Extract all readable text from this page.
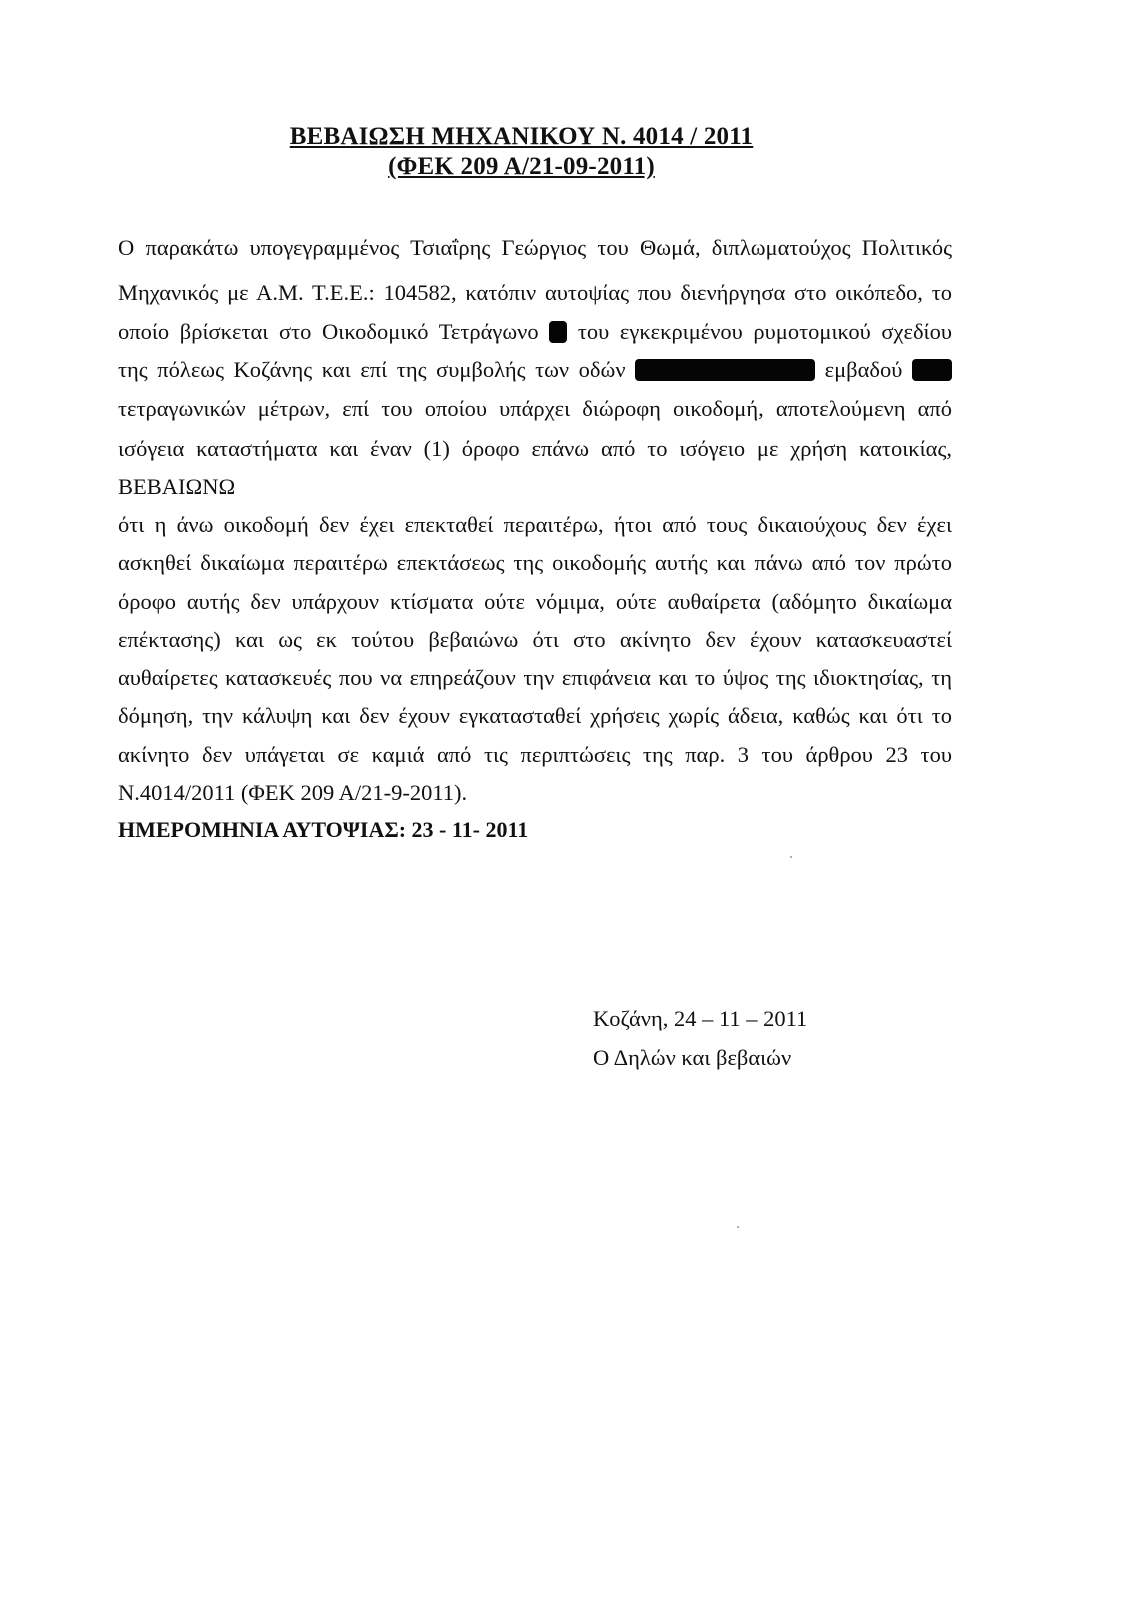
ΒΕΒΑΙΩΣΗ ΜΗΧΑΝΙΚΟΥ Ν. 4014 / 2011
(ΦΕΚ 209 Α/21-09-2011)
Ο παρακάτω υπογεγραμμένος Τσιαΐρης Γεώργιος του Θωμά, διπλωματούχος Πολιτικός
Μηχανικός με Α.Μ. Τ.Ε.Ε.: 104582, κατόπιν αυτοψίας που διενήργησα στο οικόπεδο, το
οποίο βρίσκεται στο Οικοδομικό Τετράγωνο του εγκεκριμένου ρυμοτομικού σχεδίου
της πόλεως Κοζάνης και επί της συμβολής των οδών	εμβαδού
τετραγωνικών μέτρων, επί του οποίου υπάρχει διώροφη οικοδομή, αποτελούμενη από
ισόγεια καταστήματα και έναν (1) όροφο επάνω από το ισόγειο με χρήση κατοικίας,
ΒΕΒΑΙΩΝΩ
ότι η άνω οικοδομή δεν έχει επεκταθεί περαιτέρω, ήτοι από τους δικαιούχους δεν έχει
ασκηθεί δικαίωμα περαιτέρω επεκτάσεως της οικοδομής αυτής και πάνω από τον πρώτο
όροφο αυτής δεν υπάρχουν κτίσματα ούτε νόμιμα, ούτε αυθαίρετα (αδόμητο δικαίωμα
επέκτασης) και ως εκ τούτου βεβαιώνω ότι στο ακίνητο δεν έχουν κατασκευαστεί
αυθαίρετες κατασκευές που να επηρεάζουν την επιφάνεια και το ύψος της ιδιοκτησίας, τη
δόμηση, την κάλυψη και δεν έχουν εγκατασταθεί χρήσεις χωρίς άδεια, καθώς και ότι το
ακίνητο δεν υπάγεται σε καμιά από τις περιπτώσεις της παρ. 3 του άρθρου 23 του
Ν.4014/2011 (ΦΕΚ 209 Α/21-9-2011).
ΗΜΕΡΟΜΗΝΙΑ ΑΥΤΟΨΙΑΣ: 23 - 11- 2011
Κοζάνη, 24 – 11 – 2011
Ο Δηλών και βεβαιών
